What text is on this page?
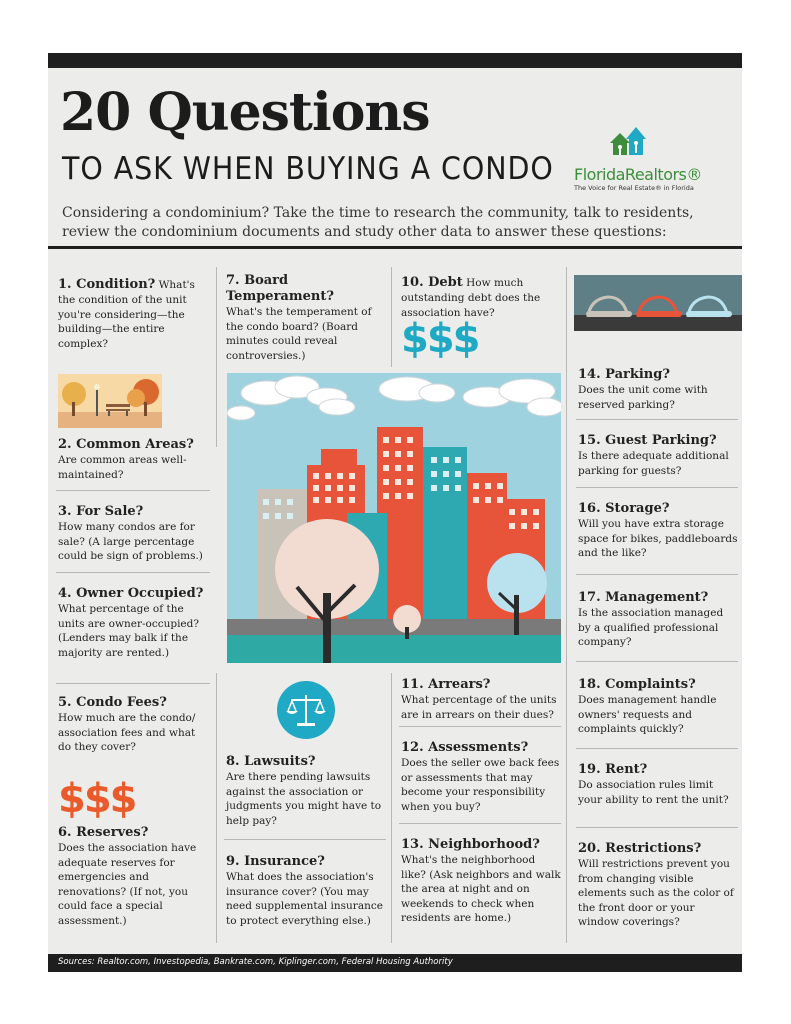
20 Questions
TO ASK WHEN BUYING A CONDO FloridaRealtors®
The Voice for Real Estate® in Florida

Considering a condominium? Take the time to research the community, talk to residents, review the condominium documents and study other data to answer these questions:

1. Condition? What's the condition of the unit you're considering—the building—the entire complex?
2. Common Areas?
Are common areas well-maintained?
3. For Sale?
How many condos are for sale? (A large percentage could be sign of problems.)
4. Owner Occupied?
What percentage of the units are owner-occupied? (Lenders may balk if the majority are rented.)
5. Condo Fees?
How much are the condo/ association fees and what do they cover?
$$$
6. Reserves?
Does the association have adequate reserves for emergencies and renovations? (If not, you could face a special assessment.)
7. Board Temperament?
What's the temperament of the condo board? (Board minutes could reveal controversies.)
10. Debt How much outstanding debt does the association have?
$$$
8. Lawsuits?
Are there pending lawsuits against the association or judgments you might have to help pay?
9. Insurance?
What does the association's insurance cover? (You may need supplemental insurance to protect everything else.)
11. Arrears?
What percentage of the units are in arrears on their dues?
12. Assessments?
Does the seller owe back fees or assessments that may become your responsibility when you buy?
13. Neighborhood?
What's the neighborhood like? (Ask neighbors and walk the area at night and on weekends to check when residents are home.)
14. Parking?
Does the unit come with reserved parking?
15. Guest Parking?
Is there adequate additional parking for guests?
16. Storage?
Will you have extra storage space for bikes, paddleboards and the like?
17. Management?
Is the association managed by a qualified professional company?
18. Complaints?
Does management handle owners' requests and complaints quickly?
19. Rent?
Do association rules limit your ability to rent the unit?
20. Restrictions?
Will restrictions prevent you from changing visible elements such as the color of the front door or your window coverings?
Sources: Realtor.com, Investopedia, Bankrate.com, Kiplinger.com, Federal Housing Authority
